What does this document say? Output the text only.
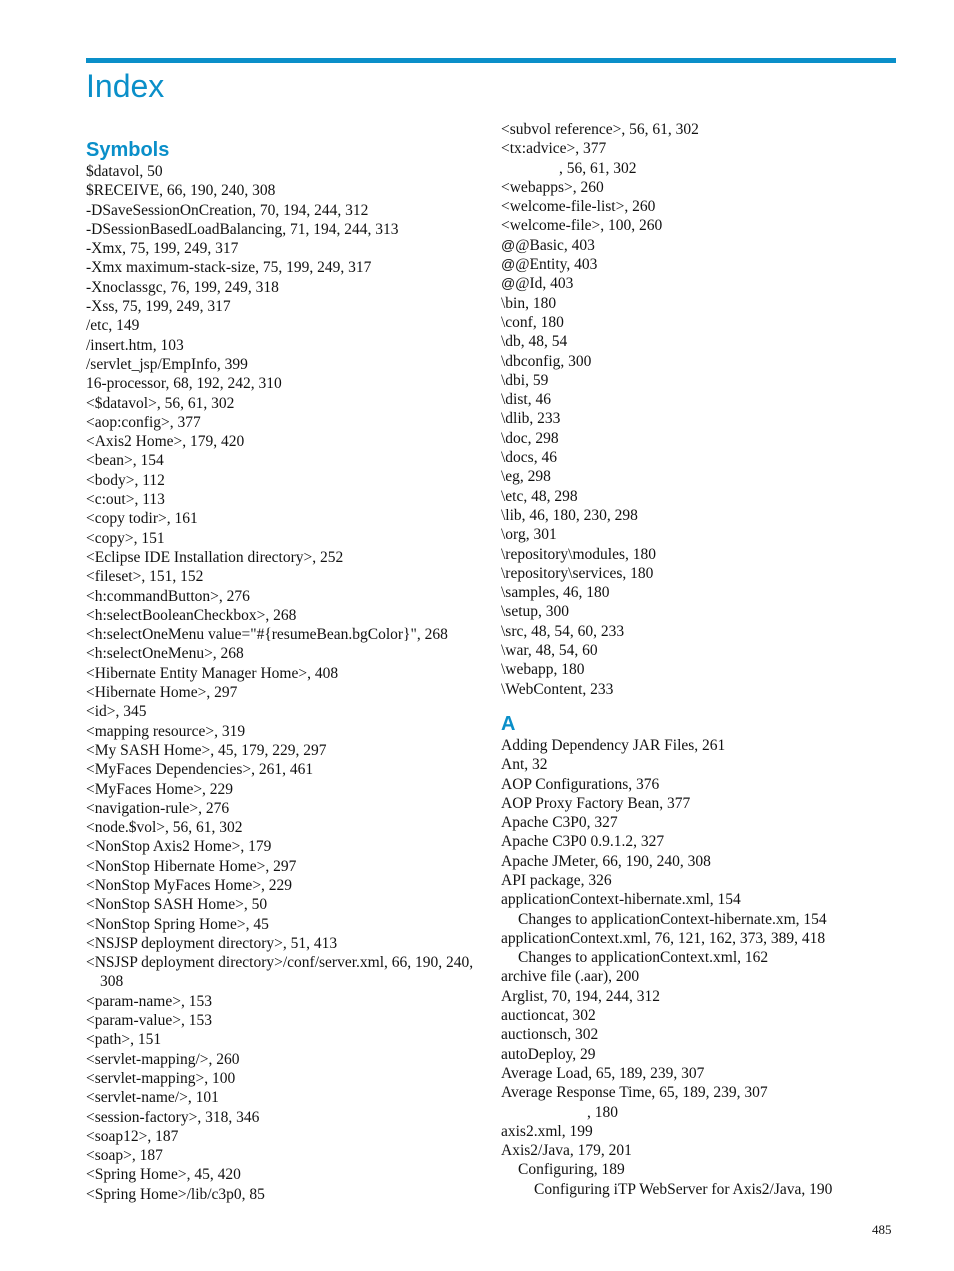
Index
Symbols
$datavol, 50
$RECEIVE, 66, 190, 240, 308
-DSaveSessionOnCreation, 70, 194, 244, 312
-DSessionBasedLoadBalancing, 71, 194, 244, 313
-Xmx, 75, 199, 249, 317
-Xmx maximum-stack-size, 75, 199, 249, 317
-Xnoclassgc, 76, 199, 249, 318
-Xss, 75, 199, 249, 317
/etc, 149
/insert.htm, 103
/servlet_jsp/EmpInfo, 399
16-processor, 68, 192, 242, 310
<$datavol>, 56, 61, 302
<aop:config>, 377
<Axis2 Home>, 179, 420
<bean>, 154
<body>, 112
<c:out>, 113
<copy todir>, 161
<copy>, 151
<Eclipse IDE Installation directory>, 252
<fileset>, 151, 152
<h:commandButton>, 276
<h:selectBooleanCheckbox>, 268
<h:selectOneMenu value="#{resumeBean.bgColor}", 268
<h:selectOneMenu>, 268
<Hibernate Entity Manager Home>, 408
<Hibernate Home>, 297
<id>, 345
<mapping resource>, 319
<My SASH Home>, 45, 179, 229, 297
<MyFaces Dependencies>, 261, 461
<MyFaces Home>, 229
<navigation-rule>, 276
<node.$vol>, 56, 61, 302
<NonStop Axis2 Home>, 179
<NonStop Hibernate Home>, 297
<NonStop MyFaces Home>, 229
<NonStop SASH Home>, 50
<NonStop Spring Home>, 45
<NSJSP deployment directory>, 51, 413
<NSJSP deployment directory>/conf/server.xml, 66, 190, 240, 308
<param-name>, 153
<param-value>, 153
<path>, 151
<servlet-mapping/>, 260
<servlet-mapping>, 100
<servlet-name/>, 101
<session-factory>, 318, 346
<soap12>, 187
<soap>, 187
<Spring Home>, 45, 420
<Spring Home>/lib/c3p0, 85
<subvol reference>, 56, 61, 302
<tx:advice>, 377
, 56, 61, 302
<webapps>, 260
<welcome-file-list>, 260
<welcome-file>, 100, 260
@@Basic, 403
@@Entity, 403
@@Id, 403
\bin, 180
\conf, 180
\db, 48, 54
\dbconfig, 300
\dbi, 59
\dist, 46
\dlib, 233
\doc, 298
\docs, 46
\eg, 298
\etc, 48, 298
\lib, 46, 180, 230, 298
\org, 301
\repository\modules, 180
\repository\services, 180
\samples, 46, 180
\setup, 300
\src, 48, 54, 60, 233
\war, 48, 54, 60
\webapp, 180
\WebContent, 233
A
Adding Dependency JAR Files, 261
Ant, 32
AOP Configurations, 376
AOP Proxy Factory Bean, 377
Apache C3P0, 327
Apache C3P0 0.9.1.2, 327
Apache JMeter, 66, 190, 240, 308
API package, 326
applicationContext-hibernate.xml, 154
Changes to applicationContext-hibernate.xm, 154
applicationContext.xml, 76, 121, 162, 373, 389, 418
Changes to applicationContext.xml, 162
archive file (.aar), 200
Arglist, 70, 194, 244, 312
auctioncat, 302
auctionsch, 302
autoDeploy, 29
Average Load, 65, 189, 239, 307
Average Response Time, 65, 189, 239, 307
, 180
axis2.xml, 199
Axis2/Java, 179, 201
Configuring, 189
Configuring iTP WebServer for Axis2/Java, 190
485
